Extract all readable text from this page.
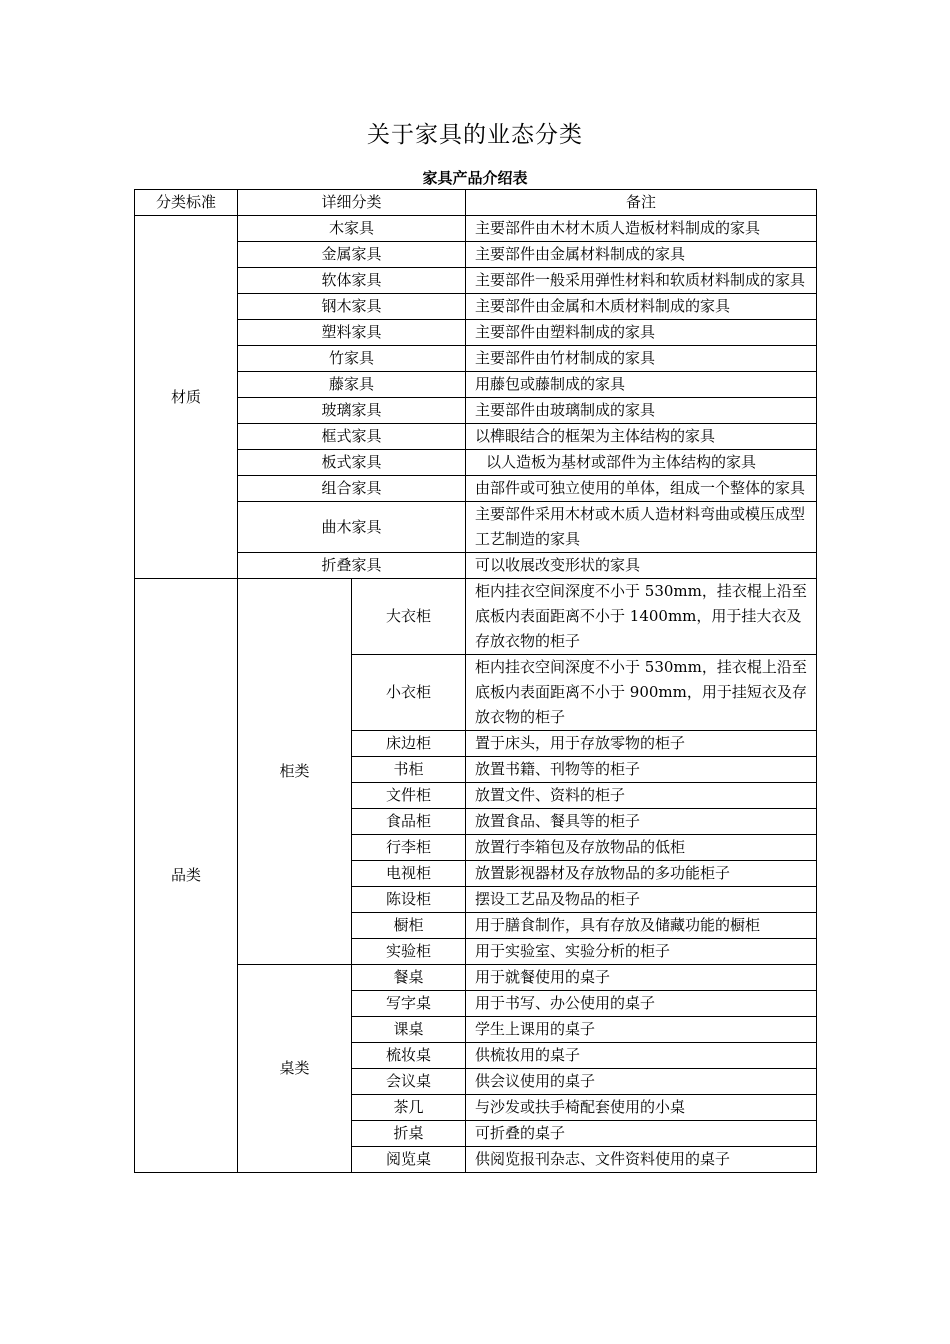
关于家具的业态分类
家具产品介绍表
分类标准	详细分类		备注
材质	木家具		主要部件由木材木质人造板材料制成的家具
	金属家具		主要部件由金属材料制成的家具
	软体家具		主要部件一般采用弹性材料和软质材料制成的家具
	钢木家具		主要部件由金属和木质材料制成的家具
	塑料家具		主要部件由塑料制成的家具
	竹家具		主要部件由竹材制成的家具
	藤家具		用藤包或藤制成的家具
	玻璃家具		主要部件由玻璃制成的家具
	框式家具		以榫眼结合的框架为主体结构的家具
	板式家具		以人造板为基材或部件为主体结构的家具
	组合家具		由部件或可独立使用的单体，组成一个整体的家具
	曲木家具		主要部件采用木材或木质人造材料弯曲或模压成型工艺制造的家具
	折叠家具		可以收展改变形状的家具
品类	柜类	大衣柜	柜内挂衣空间深度不小于 530mm，挂衣棍上沿至底板内表面距离不小于 1400mm，用于挂大衣及存放衣物的柜子
		小衣柜	柜内挂衣空间深度不小于 530mm，挂衣棍上沿至底板内表面距离不小于 900mm，用于挂短衣及存放衣物的柜子
		床边柜	置于床头，用于存放零物的柜子
		书柜	放置书籍、刊物等的柜子
		文件柜	放置文件、资料的柜子
		食品柜	放置食品、餐具等的柜子
		行李柜	放置行李箱包及存放物品的低柜
		电视柜	放置影视器材及存放物品的多功能柜子
		陈设柜	摆设工艺品及物品的柜子
		橱柜	用于膳食制作，具有存放及储藏功能的橱柜
		实验柜	用于实验室、实验分析的柜子
	桌类	餐桌	用于就餐使用的桌子
		写字桌	用于书写、办公使用的桌子
		课桌	学生上课用的桌子
		梳妆桌	供梳妆用的桌子
		会议桌	供会议使用的桌子
		茶几	与沙发或扶手椅配套使用的小桌
		折桌	可折叠的桌子
		阅览桌	供阅览报刊杂志、文件资料使用的桌子
